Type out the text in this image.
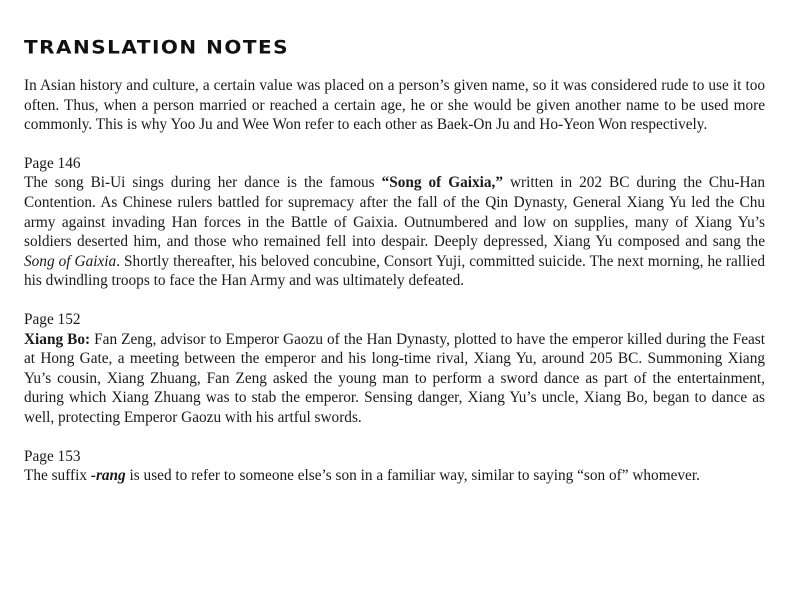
TRANSLATION NOTES

In Asian history and culture, a certain value was placed on a person’s given name, so it was considered rude to use it too often. Thus, when a person married or reached a certain age, he or she would be given another name to be used more commonly. This is why Yoo Ju and Wee Won refer to each other as Baek-On Ju and Ho-Yeon Won respectively.

Page 146

The song Bi-Ui sings during her dance is the famous “Song of Gaixia,” written in 202 BC during the Chu-Han Contention. As Chinese rulers battled for supremacy after the fall of the Qin Dynasty, General Xiang Yu led the Chu army against invading Han forces in the Battle of Gaixia. Outnumbered and low on supplies, many of Xiang Yu’s soldiers deserted him, and those who remained fell into despair. Deeply depressed, Xiang Yu composed and sang the Song of Gaixia. Shortly thereafter, his beloved concubine, Consort Yuji, committed suicide. The next morning, he rallied his dwindling troops to face the Han Army and was ultimately defeated.

Page 152

Xiang Bo: Fan Zeng, advisor to Emperor Gaozu of the Han Dynasty, plotted to have the emperor killed during the Feast at Hong Gate, a meeting between the emperor and his long-time rival, Xiang Yu, around 205 BC. Summoning Xiang Yu’s cousin, Xiang Zhuang, Fan Zeng asked the young man to perform a sword dance as part of the entertainment, during which Xiang Zhuang was to stab the emperor. Sensing danger, Xiang Yu’s uncle, Xiang Bo, began to dance as well, protecting Emperor Gaozu with his artful swords.

Page 153

The suffix -rang is used to refer to someone else’s son in a familiar way, similar to saying “son of” whomever.
